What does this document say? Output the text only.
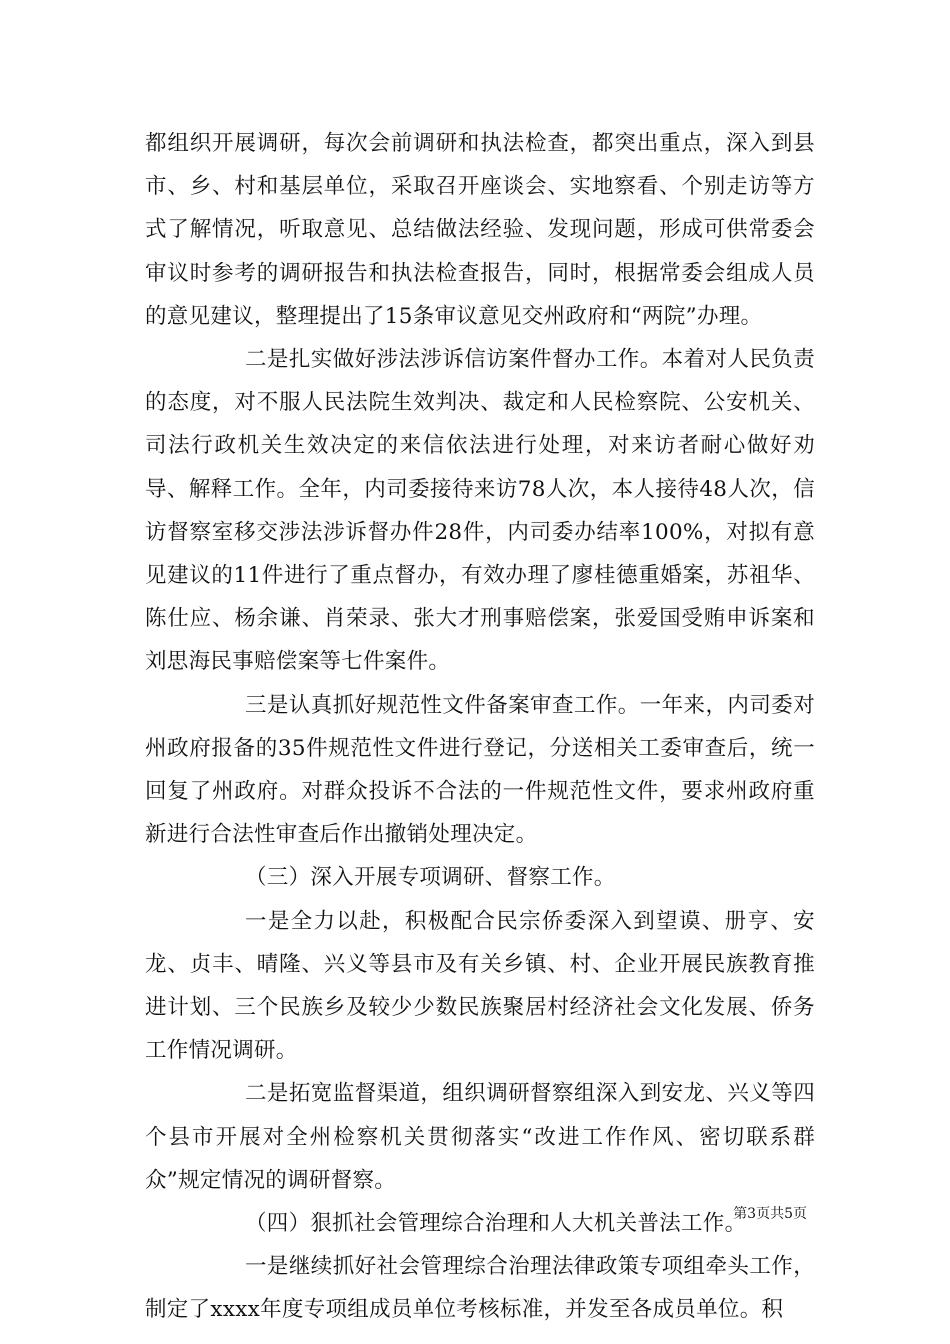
都组织开展调研，每次会前调研和执法检查，都突出重点，深入到县市、乡、村和基层单位，采取召开座谈会、实地察看、个别走访等方式了解情况，听取意见、总结做法经验、发现问题，形成可供常委会审议时参考的调研报告和执法检查报告，同时，根据常委会组成人员的意见建议，整理提出了15条审议意见交州政府和“两院”办理。

二是扎实做好涉法涉诉信访案件督办工作。本着对人民负责的态度，对不服人民法院生效判决、裁定和人民检察院、公安机关、司法行政机关生效决定的来信依法进行处理，对来访者耐心做好劝导、解释工作。全年，内司委接待来访78人次，本人接待48人次，信访督察室移交涉法涉诉督办件28件，内司委办结率100%，对拟有意见建议的11件进行了重点督办，有效办理了廖桂德重婚案，苏祖华、陈仕应、杨余谦、肖荣录、张大才刑事赔偿案，张爱国受贿申诉案和刘思海民事赔偿案等七件案件。

三是认真抓好规范性文件备案审查工作。一年来，内司委对州政府报备的35件规范性文件进行登记，分送相关工委审查后，统一回复了州政府。对群众投诉不合法的一件规范性文件，要求州政府重新进行合法性审查后作出撤销处理决定。

（三）深入开展专项调研、督察工作。

一是全力以赴，积极配合民宗侨委深入到望谟、册亨、安龙、贞丰、晴隆、兴义等县市及有关乡镇、村、企业开展民族教育推进计划、三个民族乡及较少少数民族聚居村经济社会文化发展、侨务工作情况调研。

二是拓宽监督渠道，组织调研督察组深入到安龙、兴义等四个县市开展对全州检察机关贯彻落实“改进工作作风、密切联系群众”规定情况的调研督察。

（四）狠抓社会管理综合治理和人大机关普法工作。

一是继续抓好社会管理综合治理法律政策专项组牵头工作，制定了xxxx年度专项组成员单位考核标准，并发至各成员单位。积

第3页共5页
